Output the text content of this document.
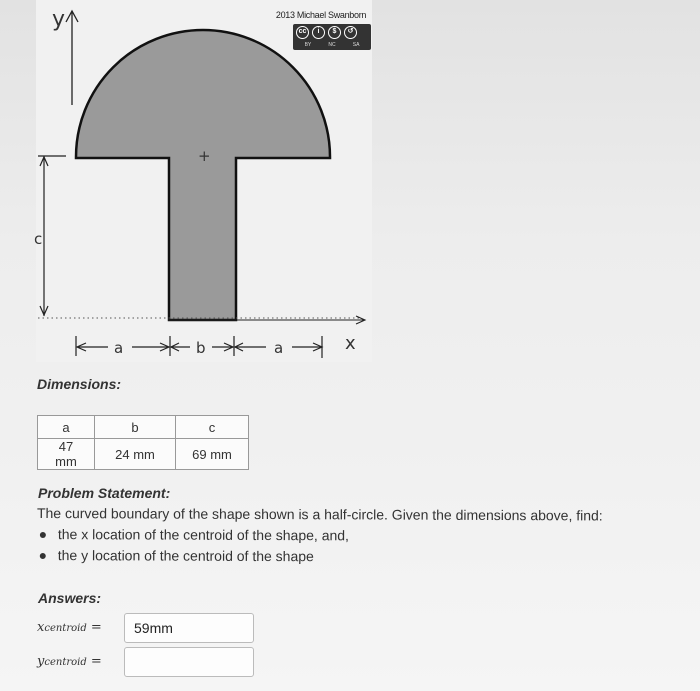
+
y
c
x
a	b	a
2013 Michael Swanborn
cc	i	$	↺
BY	NC	SA
Dimensions:
a	b	c
47 mm	24 mm	69 mm
Problem Statement:

The curved boundary of the shape shown is a half-circle. Given the dimensions above, find:

the x location of the centroid of the shape, and,
the y location of the centroid of the shape
Answers:
xcentroid =	59mm
ycentroid =
